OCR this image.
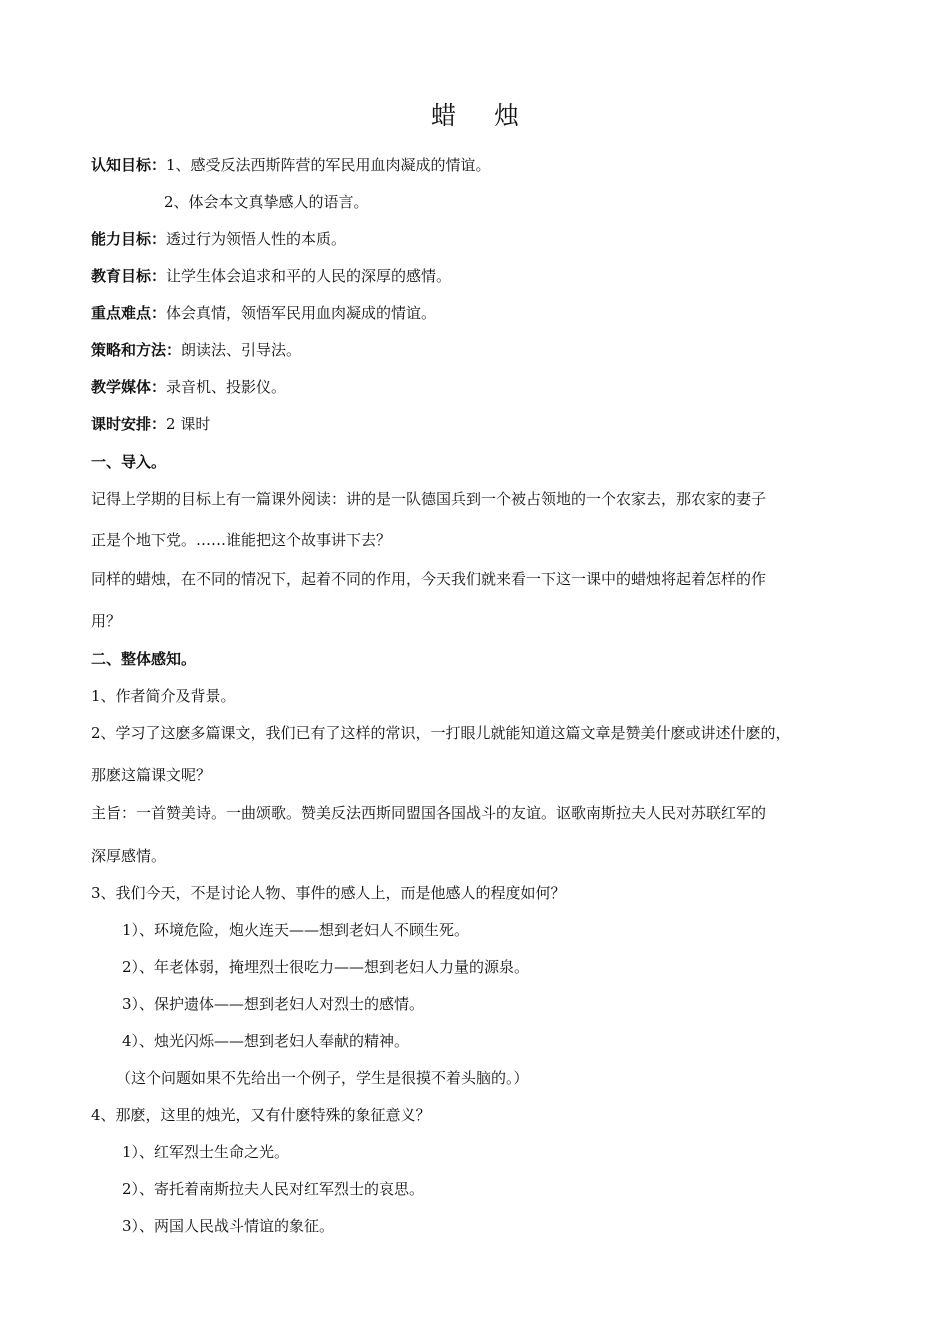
蜡 烛
认知目标：1、感受反法西斯阵营的军民用血肉凝成的情谊。
2、体会本文真挚感人的语言。
能力目标：透过行为领悟人性的本质。
教育目标：让学生体会追求和平的人民的深厚的感情。
重点难点：体会真情，领悟军民用血肉凝成的情谊。
策略和方法：朗读法、引导法。
教学媒体：录音机、投影仪。
课时安排：2 课时
一、导入。
记得上学期的目标上有一篇课外阅读：讲的是一队德国兵到一个被占领地的一个农家去，那农家的妻子
正是个地下党。……谁能把这个故事讲下去？
同样的蜡烛，在不同的情况下，起着不同的作用，今天我们就来看一下这一课中的蜡烛将起着怎样的作
用？
二、整体感知。
1、作者简介及背景。
2、学习了这麽多篇课文，我们已有了这样的常识，一打眼儿就能知道这篇文章是赞美什麽或讲述什麽的，
那麽这篇课文呢？
主旨：一首赞美诗。一曲颂歌。赞美反法西斯同盟国各国战斗的友谊。讴歌南斯拉夫人民对苏联红军的
深厚感情。
3、我们今天，不是讨论人物、事件的感人上，而是他感人的程度如何？
1）、环境危险，炮火连天——想到老妇人不顾生死。
2）、年老体弱，掩埋烈士很吃力——想到老妇人力量的源泉。
3）、保护遗体——想到老妇人对烈士的感情。
4）、烛光闪烁——想到老妇人奉献的精神。
（这个问题如果不先给出一个例子，学生是很摸不着头脑的。）
4、那麽，这里的烛光，又有什麽特殊的象征意义？
1）、红军烈士生命之光。
2）、寄托着南斯拉夫人民对红军烈士的哀思。
3）、两国人民战斗情谊的象征。
